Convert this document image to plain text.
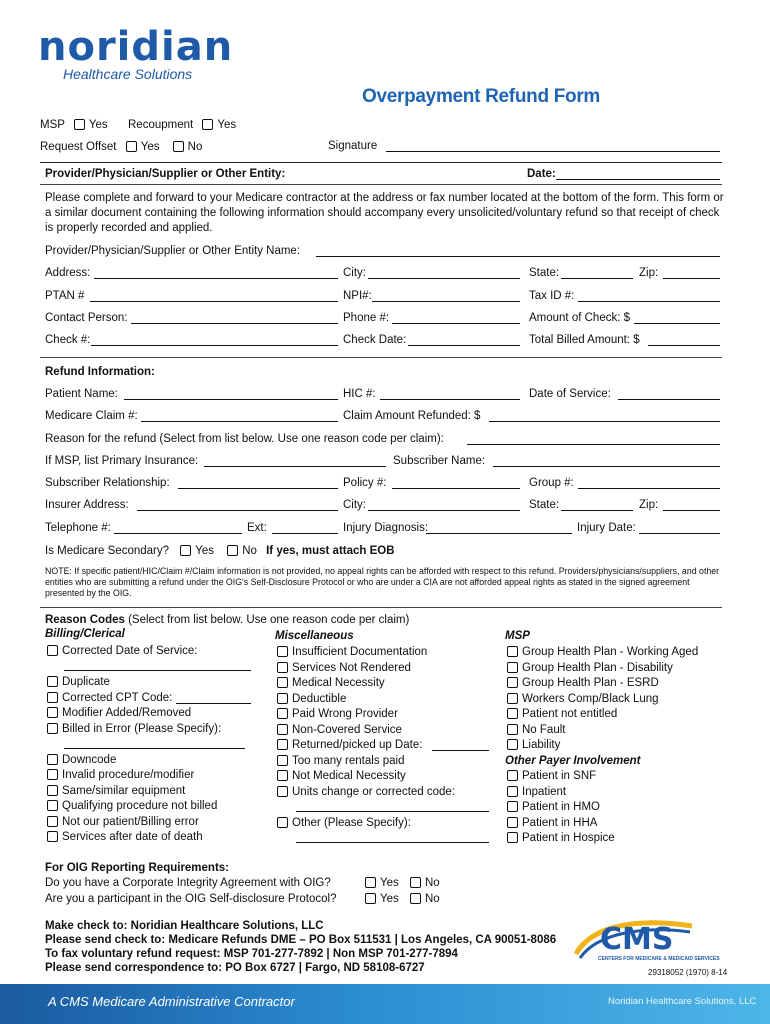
noridian
Healthcare Solutions
Overpayment Refund Form
MSP Yes Recoupment Yes
Request Offset Yes No	Signature
Provider/Physician/Supplier or Other Entity:	Date:
Please complete and forward to your Medicare contractor at the address or fax number located at the bottom of the form. This form or a similar document containing the following information should accompany every unsolicited/voluntary refund so that receipt of check is properly recorded and applied.
Provider/Physician/Supplier or Other Entity Name:
Address:	City:	State:	Zip:
PTAN #	NPI#:	Tax ID #:
Contact Person:	Phone #:	Amount of Check: $
Check #:	Check Date:	Total Billed Amount: $
Refund Information:
Patient Name:	HIC #:	Date of Service:
Medicare Claim #:	Claim Amount Refunded: $
Reason for the refund (Select from list below. Use one reason code per claim):
If MSP, list Primary Insurance:	Subscriber Name:
Subscriber Relationship:	Policy #:	Group #:
Insurer Address:	City:	State:	Zip:
Telephone #:	Ext:	Injury Diagnosis:	Injury Date:
Is Medicare Secondary? Yes No If yes, must attach EOB
NOTE: If specific patient/HIC/Claim #/Claim information is not provided, no appeal rights can be afforded with respect to this refund. Providers/physicians/suppliers, and other entities who are submitting a refund under the OIG's Self-Disclosure Protocol or who are under a CIA are not afforded appeal rights as stated in the signed agreement presented by the OIG.
Reason Codes (Select from list below. Use one reason code per claim)
Billing/Clerical	Miscellaneous	MSP
Corrected Date of Service:
Duplicate
Corrected CPT Code:
Modifier Added/Removed
Billed in Error (Please Specify):
Downcode
Invalid procedure/modifier
Same/similar equipment
Qualifying procedure not billed
Not our patient/Billing error
Services after date of death
Insufficient Documentation
Services Not Rendered
Medical Necessity
Deductible
Paid Wrong Provider
Non-Covered Service
Returned/picked up Date:
Too many rentals paid
Not Medical Necessity
Units change or corrected code:
Other (Please Specify):
Group Health Plan - Working Aged
Group Health Plan - Disability
Group Health Plan - ESRD
Workers Comp/Black Lung
Patient not entitled
No Fault
Liability
Other Payer Involvement
Patient in SNF
Inpatient
Patient in HMO
Patient in HHA
Patient in Hospice
For OIG Reporting Requirements:
Do you have a Corporate Integrity Agreement with OIG?
Are you a participant in the OIG Self-disclosure Protocol?
Yes No
Yes No
Make check to: Noridian Healthcare Solutions, LLC
Please send check to: Medicare Refunds DME – PO Box 511531 | Los Angeles, CA 90051-8086
To fax voluntary refund request: MSP 701-277-7892 | Non MSP 701-277-7894
Please send correspondence to: PO Box 6727 | Fargo, ND 58108-6727
CMS
CENTERS FOR MEDICARE & MEDICAID SERVICES
29318052 (1970) 8-14
A CMS Medicare Administrative Contractor	Noridian Healthcare Solutions, LLC
